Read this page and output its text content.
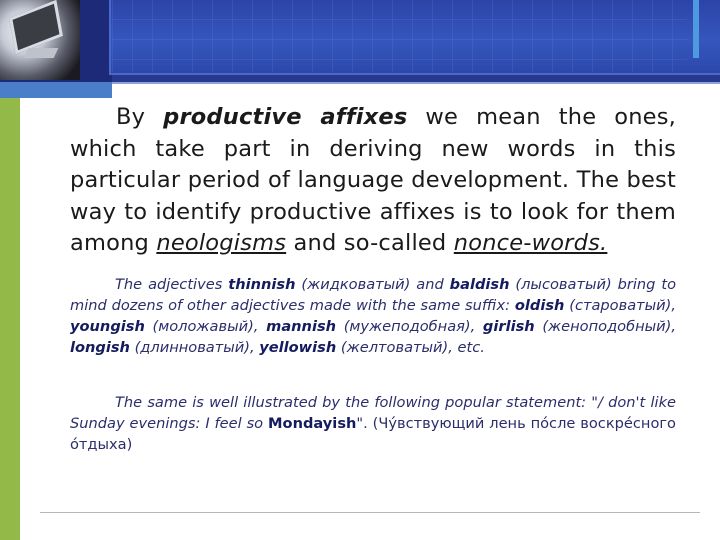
By productive affixes we mean the ones, which take part in deriving new words in this particular period of language development. The best way to identify productive affixes is to look for them among neologisms and so-called nonce-words.

The adjectives thinnish (жидковатый) and baldish (лысоватый) bring to mind dozens of other adjectives made with the same suffix: oldish (староватый), youngish (моложавый), mannish (мужеподобная), girlish (женоподобный), longish (длинноватый), yellowish (желтоватый), etc.

The same is well illustrated by the following popular statement: "/ don't like Sunday evenings: I feel so Mondayish". (Чу́вствующий лень по́сле воскре́сного о́тдыха)
